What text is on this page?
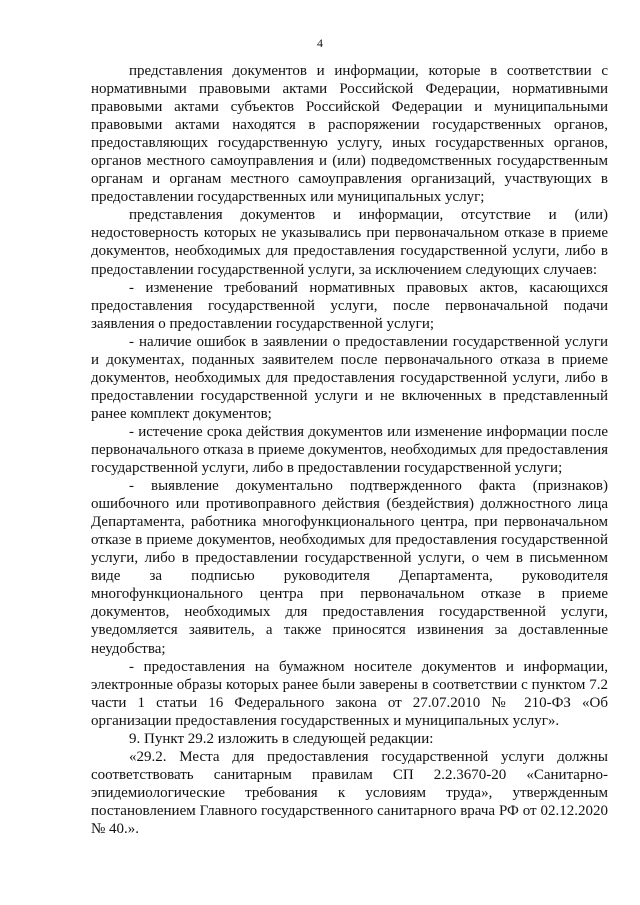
4

представления документов и информации, которые в соответствии с нормативными правовыми актами Российской Федерации, нормативными правовыми актами субъектов Российской Федерации и муниципальными правовыми актами находятся в распоряжении государственных органов, предоставляющих государственную услугу, иных государственных органов, органов местного самоуправления и (или) подведомственных государственным органам и органам местного самоуправления организаций, участвующих в предоставлении государственных или муниципальных услуг;

представления документов и информации, отсутствие и (или) недостоверность которых не указывались при первоначальном отказе в приеме документов, необходимых для предоставления государственной услуги, либо в предоставлении государственной услуги, за исключением следующих случаев:

- изменение требований нормативных правовых актов, касающихся предоставления государственной услуги, после первоначальной подачи заявления о предоставлении государственной услуги;

- наличие ошибок в заявлении о предоставлении государственной услуги и документах, поданных заявителем после первоначального отказа в приеме документов, необходимых для предоставления государственной услуги, либо в предоставлении государственной услуги и не включенных в представленный ранее комплект документов;

- истечение срока действия документов или изменение информации после первоначального отказа в приеме документов, необходимых для предоставления государственной услуги, либо в предоставлении государственной услуги;

- выявление документально подтвержденного факта (признаков) ошибочного или противоправного действия (бездействия) должностного лица Департамента, работника многофункционального центра, при первоначальном отказе в приеме документов, необходимых для предоставления государственной услуги, либо в предоставлении государственной услуги, о чем в письменном виде за подписью руководителя Департамента, руководителя многофункционального центра при первоначальном отказе в приеме документов, необходимых для предоставления государственной услуги, уведомляется заявитель, а также приносятся извинения за доставленные неудобства;

- предоставления на бумажном носителе документов и информации, электронные образы которых ранее были заверены в соответствии с пунктом 7.2 части 1 статьи 16 Федерального закона от 27.07.2010 № 210-ФЗ «Об организации предоставления государственных и муниципальных услуг».

9. Пункт 29.2 изложить в следующей редакции:

«29.2. Места для предоставления государственной услуги должны соответствовать санитарным правилам СП 2.2.3670-20 «Санитарно-эпидемиологические требования к условиям труда», утвержденным постановлением Главного государственного санитарного врача РФ от 02.12.2020 № 40.».
